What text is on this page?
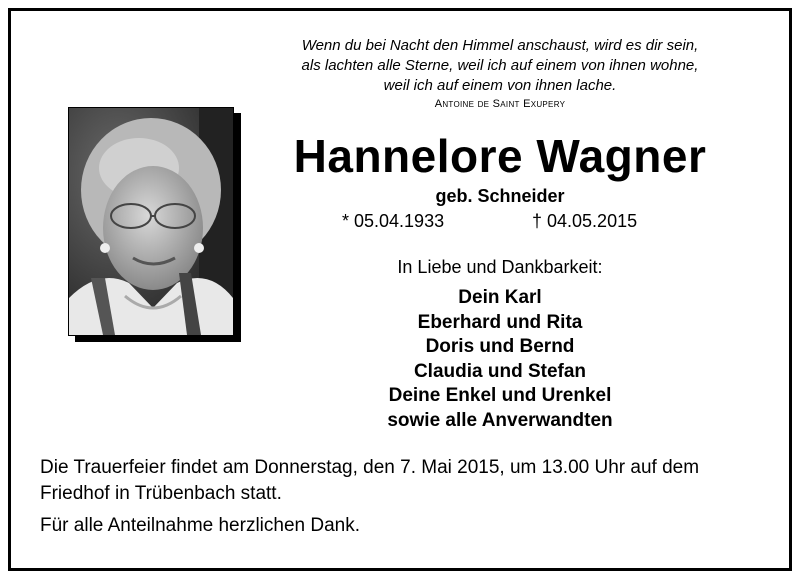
Wenn du bei Nacht den Himmel anschaust, wird es dir sein,
als lachten alle Sterne, weil ich auf einem von ihnen wohne,
weil ich auf einem von ihnen lache.
Antoine de Saint Exupery
Hannelore Wagner
geb. Schneider
* 05.04.1933	† 04.05.2015
In Liebe und Dankbarkeit:
Dein Karl
Eberhard und Rita
Doris und Bernd
Claudia und Stefan
Deine Enkel und Urenkel
sowie alle Anverwandten
Die Trauerfeier findet am Donnerstag, den 7. Mai 2015, um 13.00 Uhr auf dem Friedhof in Trübenbach statt.
Für alle Anteilnahme herzlichen Dank.
